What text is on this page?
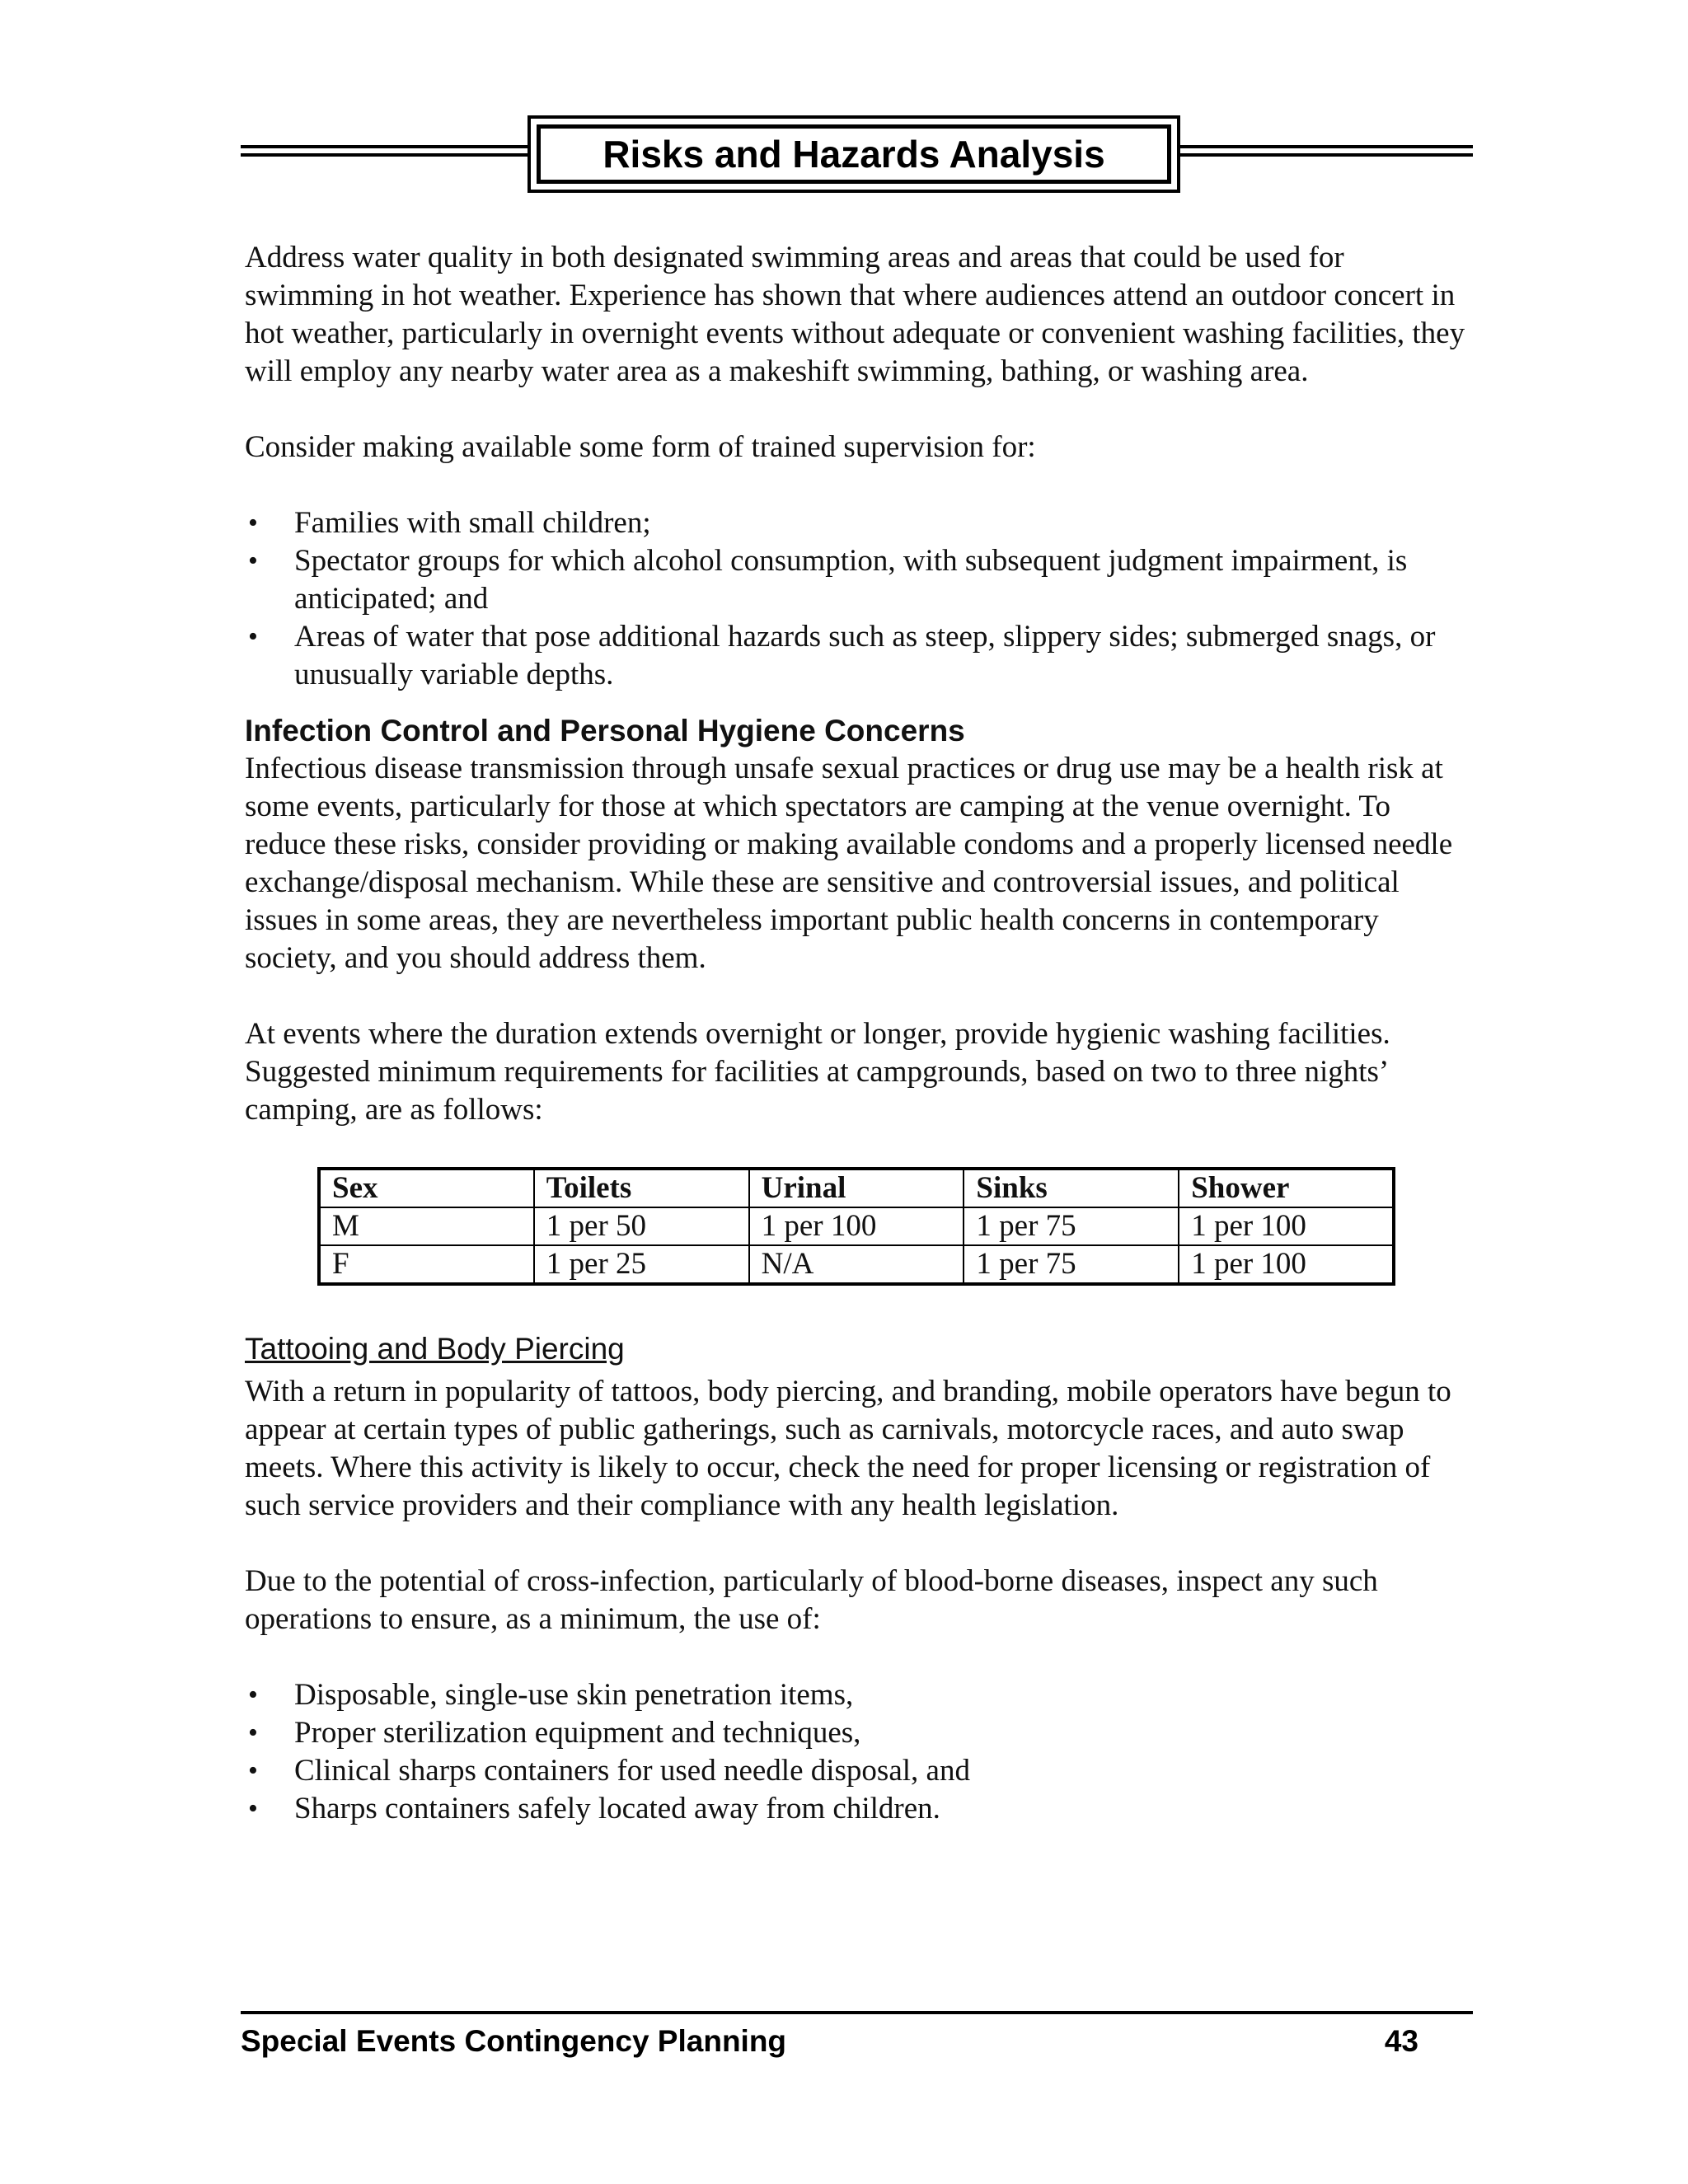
Risks and Hazards Analysis

Address water quality in both designated swimming areas and areas that could be used for swimming in hot weather. Experience has shown that where audiences attend an outdoor concert in hot weather, particularly in overnight events without adequate or convenient washing facilities, they will employ any nearby water area as a makeshift swimming, bathing, or washing area.

Consider making available some form of trained supervision for:

• Families with small children;
• Spectator groups for which alcohol consumption, with subsequent judgment impairment, is anticipated; and
• Areas of water that pose additional hazards such as steep, slippery sides; submerged snags, or unusually variable depths.
Infection Control and Personal Hygiene Concerns

Infectious disease transmission through unsafe sexual practices or drug use may be a health risk at some events, particularly for those at which spectators are camping at the venue overnight. To reduce these risks, consider providing or making available condoms and a properly licensed needle exchange/disposal mechanism. While these are sensitive and controversial issues, and political issues in some areas, they are nevertheless important public health concerns in contemporary society, and you should address them.

At events where the duration extends overnight or longer, provide hygienic washing facilities. Suggested minimum requirements for facilities at campgrounds, based on two to three nights’ camping, are as follows:

Sex	Toilets	Urinal	Sinks	Shower
M	1 per 50	1 per 100	1 per 75	1 per 100
F	1 per 25	N/A	1 per 75	1 per 100
Tattooing and Body Piercing

With a return in popularity of tattoos, body piercing, and branding, mobile operators have begun to appear at certain types of public gatherings, such as carnivals, motorcycle races, and auto swap meets. Where this activity is likely to occur, check the need for proper licensing or registration of such service providers and their compliance with any health legislation.

Due to the potential of cross-infection, particularly of blood-borne diseases, inspect any such operations to ensure, as a minimum, the use of:

• Disposable, single-use skin penetration items,
• Proper sterilization equipment and techniques,
• Clinical sharps containers for used needle disposal, and
• Sharps containers safely located away from children.
Special Events Contingency Planning	43
